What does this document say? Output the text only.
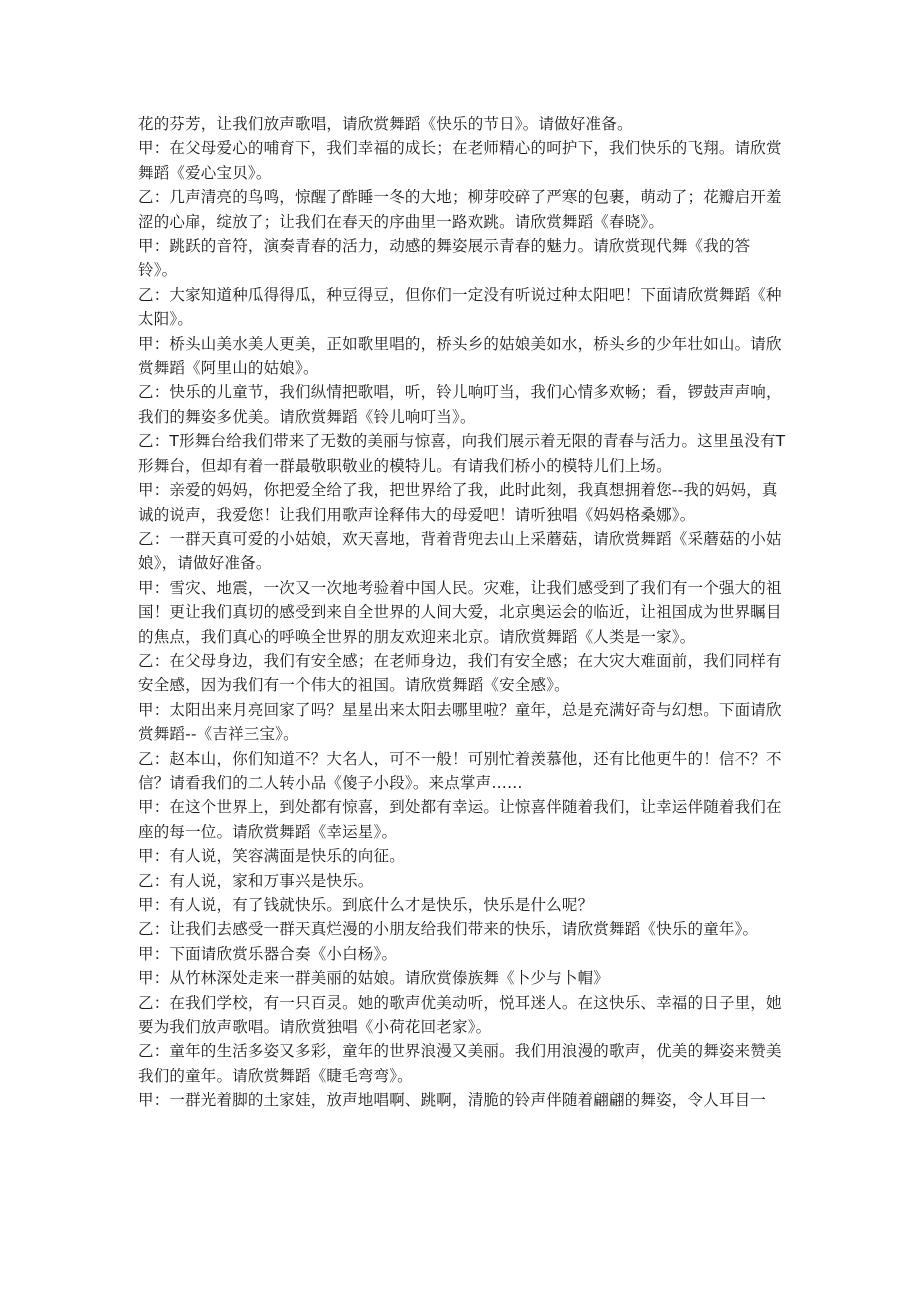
花的芬芳，让我们放声歌唱，请欣赏舞蹈《快乐的节日》。请做好准备。

甲：在父母爱心的哺育下，我们幸福的成长；在老师精心的呵护下，我们快乐的飞翔。请欣赏舞蹈《爱心宝贝》。

乙：几声清亮的鸟鸣，惊醒了酢睡一冬的大地；柳芽咬碎了严寒的包裹，萌动了；花瓣启开羞涩的心扉，绽放了；让我们在春天的序曲里一路欢跳。请欣赏舞蹈《春晓》。

甲：跳跃的音符，演奏青春的活力，动感的舞姿展示青春的魅力。请欣赏现代舞《我的答铃》。

乙：大家知道种瓜得得瓜，种豆得豆，但你们一定没有听说过种太阳吧！下面请欣赏舞蹈《种太阳》。

甲：桥头山美水美人更美，正如歌里唱的，桥头乡的姑娘美如水，桥头乡的少年壮如山。请欣赏舞蹈《阿里山的姑娘》。

乙：快乐的儿童节，我们纵情把歌唱，听，铃儿响叮当，我们心情多欢畅；看，锣鼓声声响，我们的舞姿多优美。请欣赏舞蹈《铃儿响叮当》。

乙：T形舞台给我们带来了无数的美丽与惊喜，向我们展示着无限的青春与活力。这里虽没有T形舞台，但却有着一群最敬职敬业的模特儿。有请我们桥小的模特儿们上场。

甲：亲爱的妈妈，你把爱全给了我，把世界给了我，此时此刻，我真想拥着您--我的妈妈，真诚的说声，我爱您！让我们用歌声诠释伟大的母爱吧！请听独唱《妈妈格桑娜》。

乙：一群天真可爱的小姑娘，欢天喜地，背着背兜去山上采蘑菇，请欣赏舞蹈《采蘑菇的小姑娘》，请做好准备。

甲：雪灾、地震，一次又一次地考验着中国人民。灾难，让我们感受到了我们有一个强大的祖国！更让我们真切的感受到来自全世界的人间大爱，北京奥运会的临近，让祖国成为世界瞩目的焦点，我们真心的呼唤全世界的朋友欢迎来北京。请欣赏舞蹈《人类是一家》。

乙：在父母身边，我们有安全感；在老师身边，我们有安全感；在大灾大难面前，我们同样有安全感，因为我们有一个伟大的祖国。请欣赏舞蹈《安全感》。

甲：太阳出来月亮回家了吗？星星出来太阳去哪里啦？童年，总是充满好奇与幻想。下面请欣赏舞蹈--《吉祥三宝》。

乙：赵本山，你们知道不？大名人，可不一般！可别忙着羡慕他，还有比他更牛的！信不？不信？请看我们的二人转小品《傻子小段》。来点掌声……

甲：在这个世界上，到处都有惊喜，到处都有幸运。让惊喜伴随着我们，让幸运伴随着我们在座的每一位。请欣赏舞蹈《幸运星》。

甲：有人说，笑容满面是快乐的向征。

乙：有人说，家和万事兴是快乐。

甲：有人说，有了钱就快乐。到底什么才是快乐，快乐是什么呢？

乙：让我们去感受一群天真烂漫的小朋友给我们带来的快乐，请欣赏舞蹈《快乐的童年》。

甲：下面请欣赏乐器合奏《小白杨》。

甲：从竹林深处走来一群美丽的姑娘。请欣赏傣族舞《卜少与卜帽》

乙：在我们学校，有一只百灵。她的歌声优美动听，悦耳迷人。在这快乐、幸福的日子里，她要为我们放声歌唱。请欣赏独唱《小荷花回老家》。

乙：童年的生活多姿又多彩，童年的世界浪漫又美丽。我们用浪漫的歌声，优美的舞姿来赞美我们的童年。请欣赏舞蹈《睫毛弯弯》。

甲：一群光着脚的土家娃，放声地唱啊、跳啊，清脆的铃声伴随着翩翩的舞姿，令人耳目一
